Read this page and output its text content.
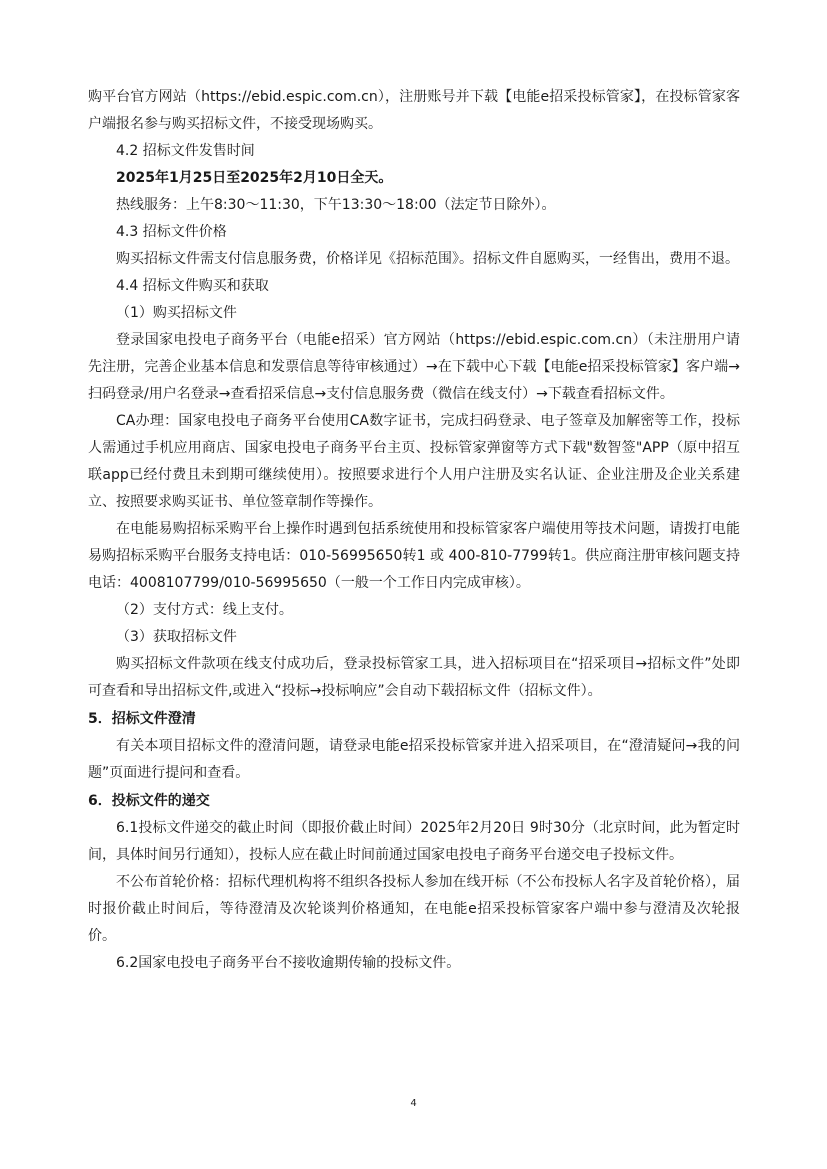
购平台官方网站（https://ebid.espic.com.cn），注册账号并下载【电能e招采投标管家】，在投标管家客户端报名参与购买招标文件，不接受现场购买。

4.2 招标文件发售时间

2025年1月25日至2025年2月10日全天。

热线服务：上午8:30～11:30，下午13:30～18:00（法定节日除外）。

4.3 招标文件价格

购买招标文件需支付信息服务费，价格详见《招标范围》。招标文件自愿购买，一经售出，费用不退。

4.4 招标文件购买和获取

（1）购买招标文件

登录国家电投电子商务平台（电能e招采）官方网站（https://ebid.espic.com.cn）（未注册用户请先注册，完善企业基本信息和发票信息等待审核通过）→在下载中心下载【电能e招采投标管家】客户端→扫码登录/用户名登录→查看招采信息→支付信息服务费（微信在线支付）→下载查看招标文件。

CA办理：国家电投电子商务平台使用CA数字证书，完成扫码登录、电子签章及加解密等工作，投标人需通过手机应用商店、国家电投电子商务平台主页、投标管家弹窗等方式下载"数智签"APP（原中招互联app已经付费且未到期可继续使用）。按照要求进行个人用户注册及实名认证、企业注册及企业关系建立、按照要求购买证书、单位签章制作等操作。

在电能易购招标采购平台上操作时遇到包括系统使用和投标管家客户端使用等技术问题，请拨打电能易购招标采购平台服务支持电话：010-56995650转1 或 400-810-7799转1。供应商注册审核问题支持电话：4008107799/010-56995650（一般一个工作日内完成审核）。

（2）支付方式：线上支付。

（3）获取招标文件

购买招标文件款项在线支付成功后，登录投标管家工具，进入招标项目在“招采项目→招标文件”处即可查看和导出招标文件,或进入“投标→投标响应”会自动下载招标文件（招标文件）。

5．招标文件澄清

有关本项目招标文件的澄清问题，请登录电能e招采投标管家并进入招采项目，在“澄清疑问→我的问题”页面进行提问和查看。

6．投标文件的递交

6.1投标文件递交的截止时间（即报价截止时间）2025年2月20日 9时30分（北京时间，此为暂定时间，具体时间另行通知），投标人应在截止时间前通过国家电投电子商务平台递交电子投标文件。

不公布首轮价格：招标代理机构将不组织各投标人参加在线开标（不公布投标人名字及首轮价格），届时报价截止时间后，等待澄清及次轮谈判价格通知，在电能e招采投标管家客户端中参与澄清及次轮报价。

6.2国家电投电子商务平台不接收逾期传输的投标文件。

4
